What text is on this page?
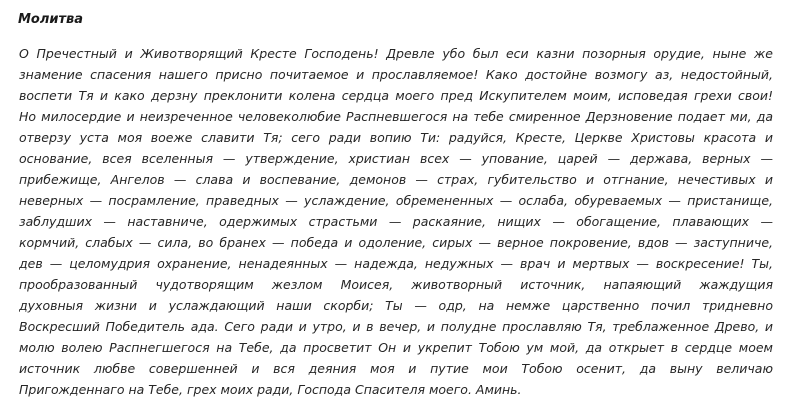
Молитва
О Пречестный и Животворящий Кресте Господень! Древле убо был еси казни позорныя орудие, ныне же
знамение спасения нашего присно почитаемое и прославляемое! Како достойне возмогу аз, недостойный,
воспети Тя и како дерзну преклонити колена сердца моего пред Искупителем моим, исповедая грехи свои!
Но милосердие и неизреченное человеколюбие Распневшегося на тебе смиренное Дерзновение подает ми, да
отверзу уста моя воеже славити Тя; сего ради вопию Ти: радуйся, Кресте, Церкве Христовы красота и
основание, всея вселенныя — утверждение, христиан всех — упование, царей — держава, верных —
прибежище, Ангелов — слава и воспевание, демонов — страх, губительство и отгнание, нечестивых и
неверных — посрамление, праведных — услаждение, обремененных — ослаба, обуреваемых — пристанище,
заблудших — наставниче, одержимых страстьми — раскаяние, нищих — обогащение, плавающих —
кормчий, слабых — сила, во бранех — победа и одоление, сирых — верное покровение, вдов — заступниче,
дев — целомудрия охранение, ненадеянных — надежда, недужных — врач и мертвых — воскресение! Ты,
прообразованный чудотворящим жезлом Моисея, животворный источник, напаяющий жаждущия
духовныя жизни и услаждающий наши скорби; Ты — одр, на немже царственно почил тридневно
Воскресший Победитель ада. Сего ради и утро, и в вечер, и полудне прославляю Тя, треблаженное Древо, и
молю волею Распнегшегося на Тебе, да просветит Он и укрепит Тобою ум мой, да открыет в сердце моем
источник любве совершенней и вся деяния моя и путие мои Тобою осенит, да выну величаю
Пригожденнаго на Тебе, грех моих ради, Господа Спасителя моего. Аминь.
